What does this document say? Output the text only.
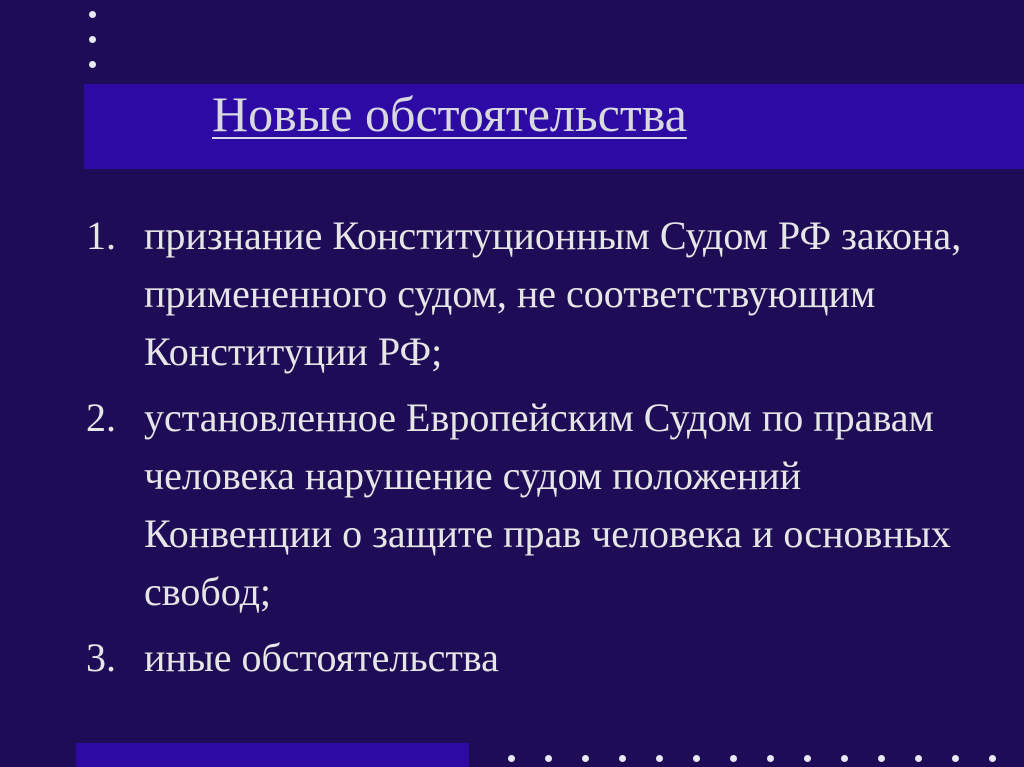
Новые обстоятельства
1. признание Конституционным Судом РФ закона, примененного судом, не соответствующим Конституции РФ;
2. установленное Европейским Судом по правам человека нарушение судом положений Конвенции о защите прав человека и основных свобод;
3. иные обстоятельства
